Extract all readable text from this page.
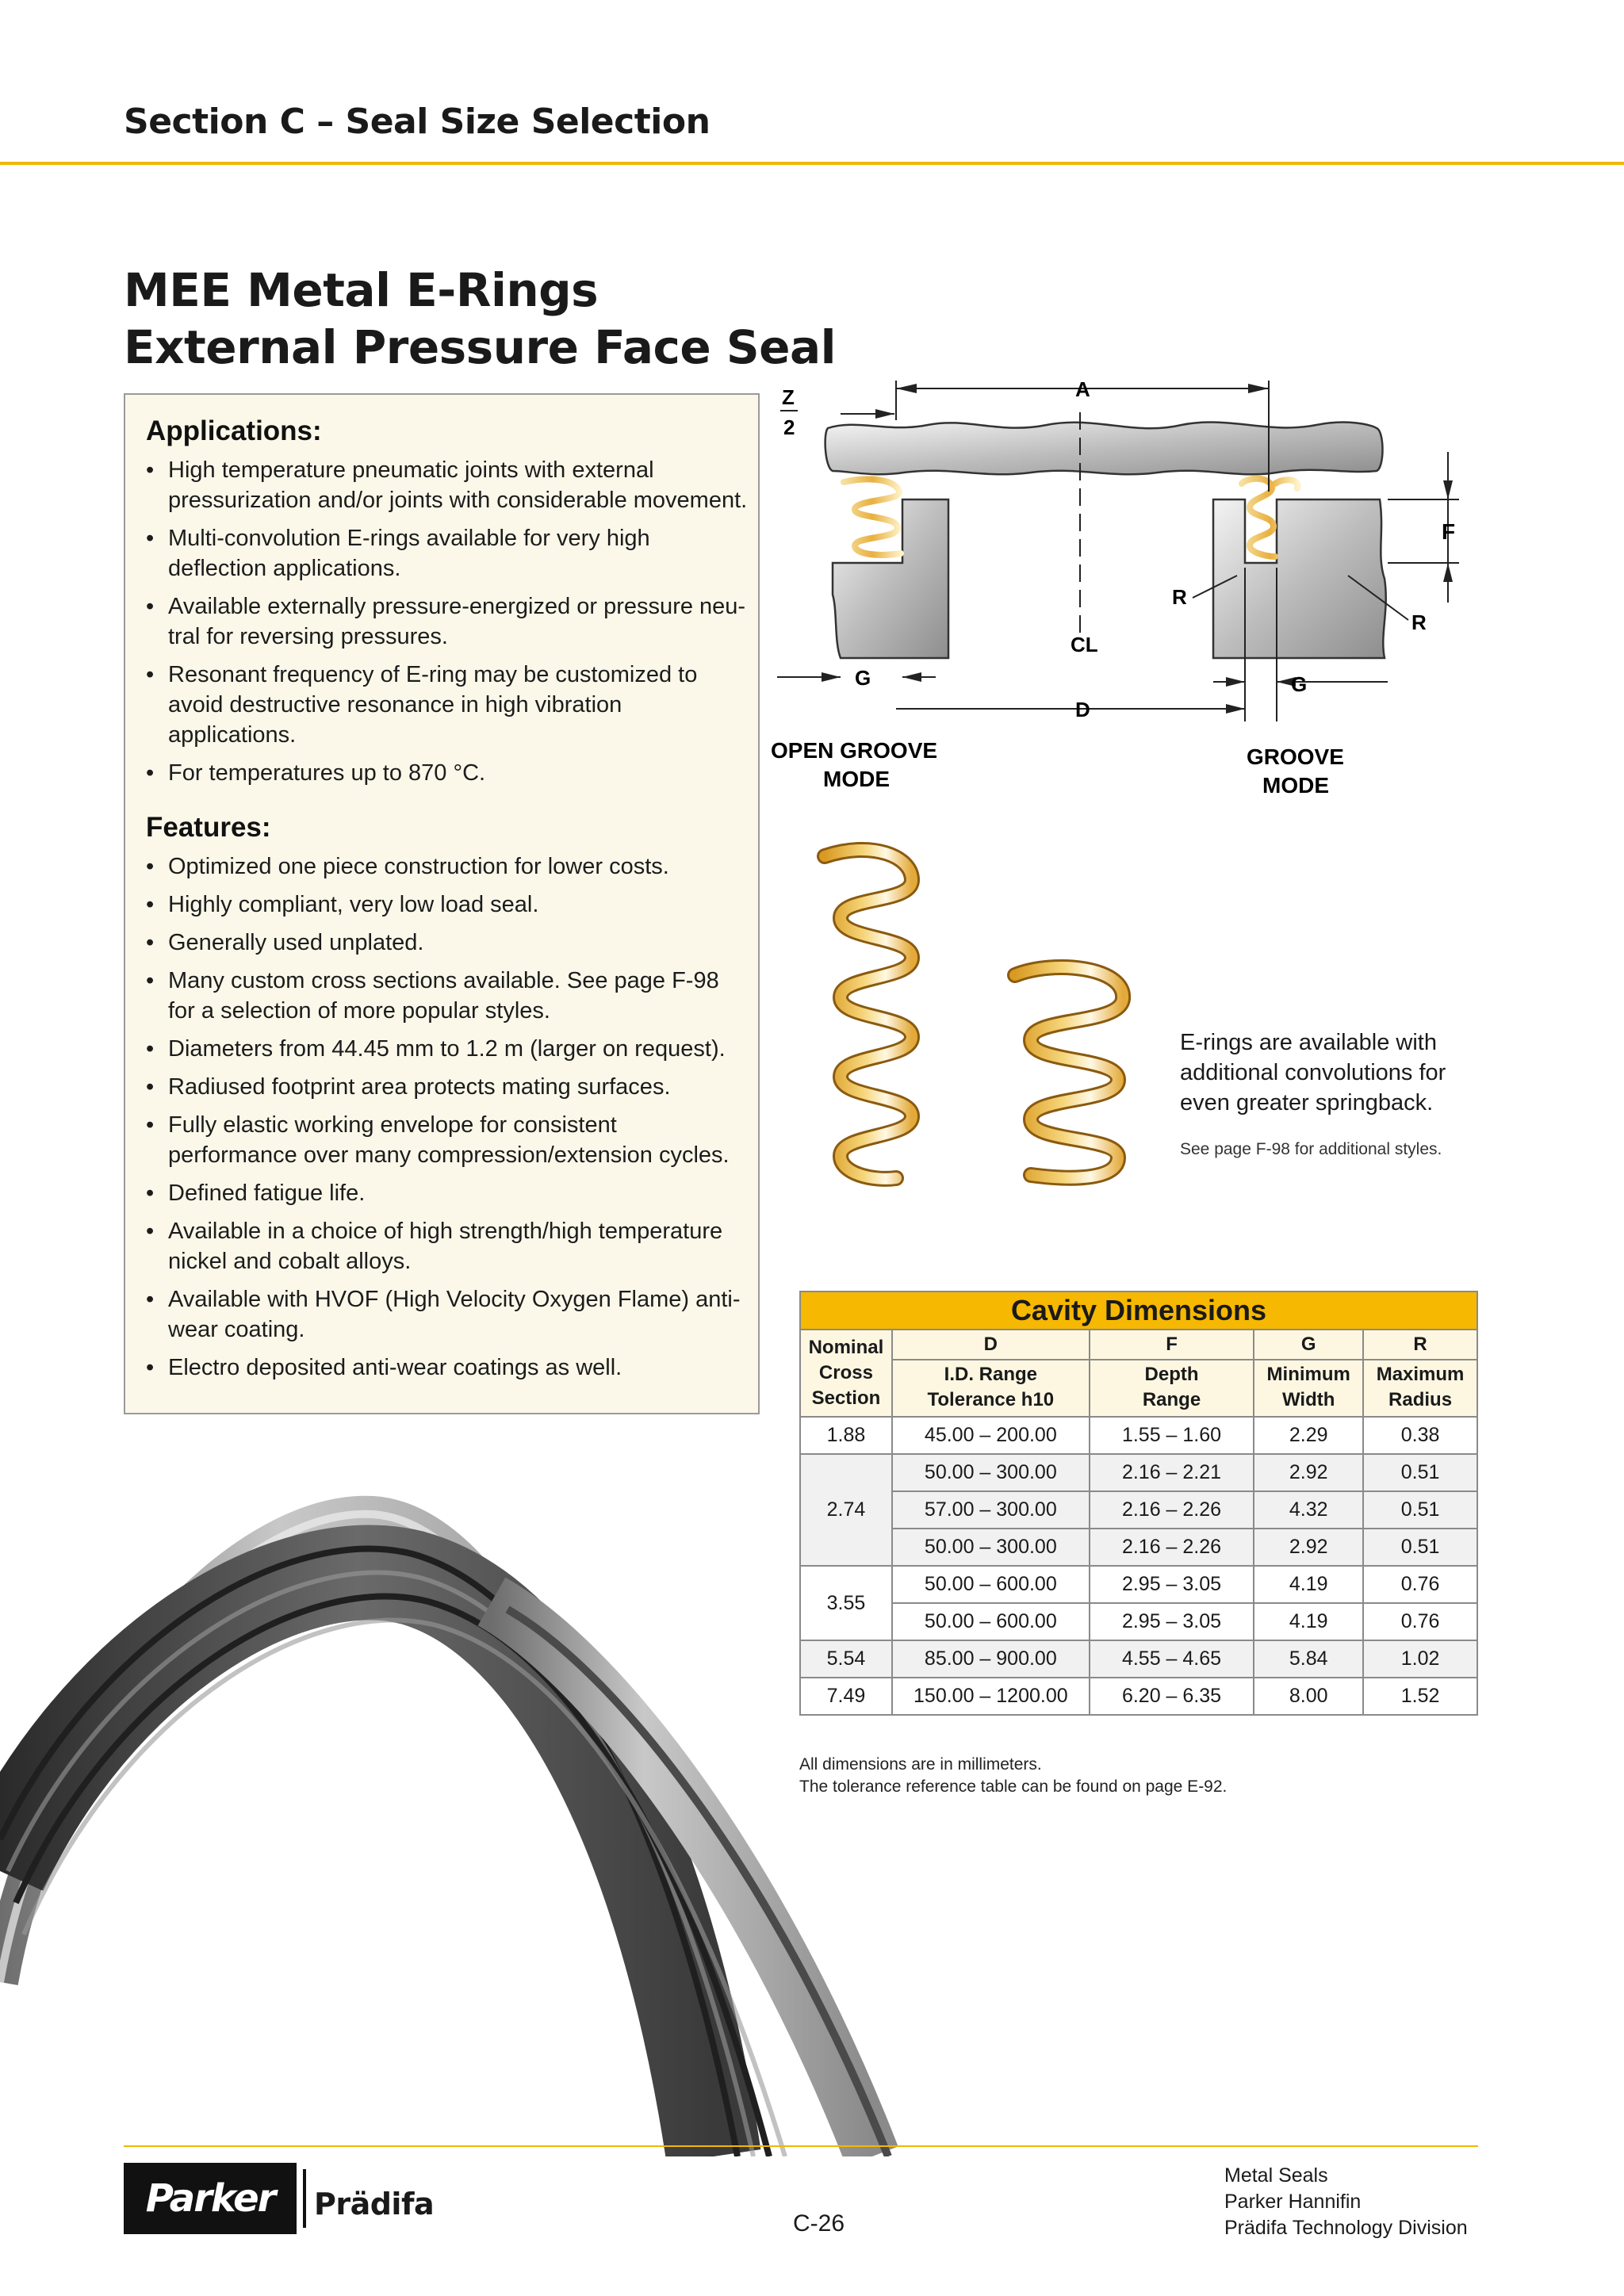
Section C – Seal Size Selection
MEE Metal E-Rings
External Pressure Face Seal
Applications:
• High temperature pneumatic joints with external pressurization and/or joints with considerable movement.
• Multi-convolution E-rings available for very high deflection applications.
• Available externally pressure-energized or pressure neu- tral for reversing pressures.
• Resonant frequency of E-ring may be customized to avoid destructive resonance in high vibration applications.
• For temperatures up to 870 °C.
Features:
• Optimized one piece construction for lower costs.
• Highly compliant, very low load seal.
• Generally used unplated.
• Many custom cross sections available. See page F-98 for a selection of more popular styles.
• Diameters from 44.45 mm to 1.2 m (larger on request).
• Radiused footprint area protects mating surfaces.
• Fully elastic working envelope for consistent performance over many compression/extension cycles.
• Defined fatigue life.
• Available in a choice of high strength/high temperature nickel and cobalt alloys.
• Available with HVOF (High Velocity Oxygen Flame) anti- wear coating.
• Electro deposited anti-wear coatings as well.
A
Z
2
F
R
R
CL
G	G
D
OPEN GROOVE
MODE
GROOVE
MODE
E-rings are available with additional convolutions for even greater springback.
See page F-98 for additional styles.
Cavity Dimensions				
Nominal Cross Section	D	F	G	R
	I.D. Range Tolerance h10	Depth Range	Minimum Width	Maximum Radius
1.88	45.00 – 200.00	1.55 – 1.60	2.29	0.38
2.74	50.00 – 300.00	2.16 – 2.21	2.92	0.51
	57.00 – 300.00	2.16 – 2.26	4.32	0.51
	50.00 – 300.00	2.16 – 2.26	2.92	0.51
3.55	50.00 – 600.00	2.95 – 3.05	4.19	0.76
	50.00 – 600.00	2.95 – 3.05	4.19	0.76
5.54	85.00 – 900.00	4.55 – 4.65	5.84	1.02
7.49	150.00 – 1200.00	6.20 – 6.35	8.00	1.52
All dimensions are in millimeters.
The tolerance reference table can be found on page E-92.
Parker	Prädifa
C-26
Metal Seals
Parker Hannifin
Prädifa Technology Division
